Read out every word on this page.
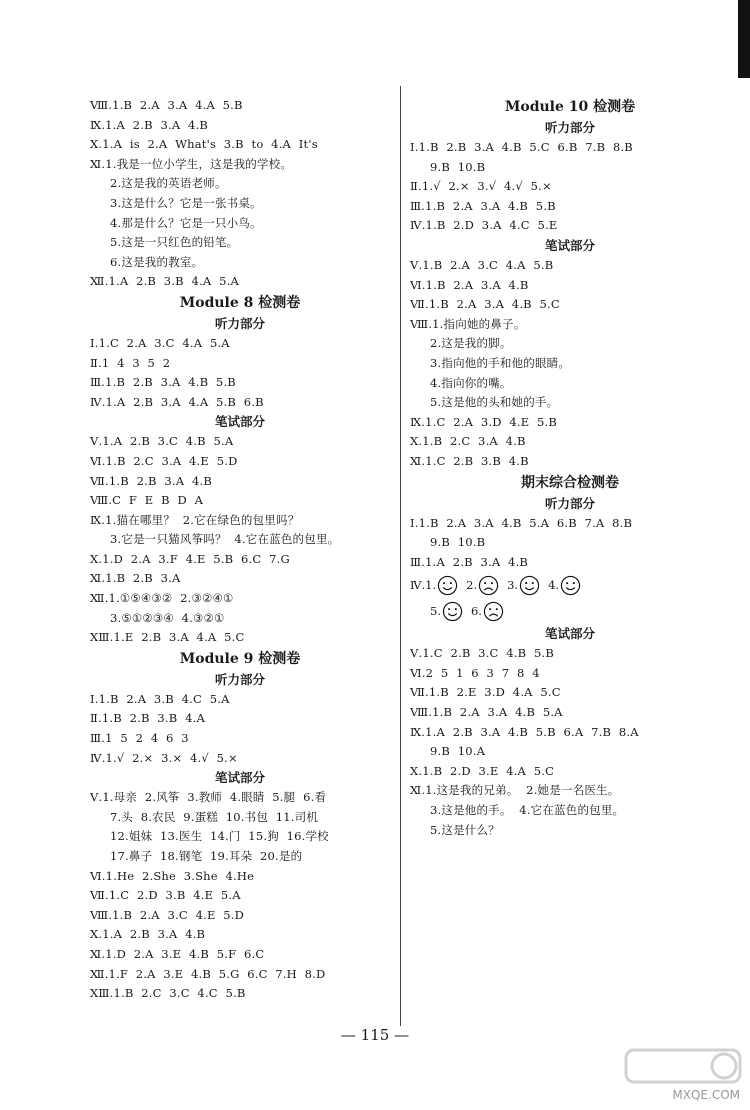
Ⅷ.1.B  2.A  3.A  4.A  5.B
Ⅸ.1.A  2.B  3.A  4.B
Ⅹ.1.A  is  2.A  What's  3.B  to  4.A  It's
Ⅺ.1.我是一位小学生，这是我的学校。
2.这是我的英语老师。
3.这是什么？它是一张书桌。
4.那是什么？它是一只小鸟。
5.这是一只红色的铅笔。
6.这是我的教室。
Ⅻ.1.A  2.B  3.B  4.A  5.A
Module 8 检测卷
听力部分
Ⅰ.1.C  2.A  3.C  4.A  5.A
Ⅱ.1  4  3  5  2
Ⅲ.1.B  2.B  3.A  4.B  5.B
Ⅳ.1.A  2.B  3.A  4.A  5.B  6.B
笔试部分
Ⅴ.1.A  2.B  3.C  4.B  5.A
Ⅵ.1.B  2.C  3.A  4.E  5.D
Ⅶ.1.B  2.B  3.A  4.B
Ⅷ.C  F  E  B  D  A
Ⅸ.1.猫在哪里？  2.它在绿色的包里吗？
3.它是一只猫风筝吗？  4.它在蓝色的包里。
Ⅹ.1.D  2.A  3.F  4.E  5.B  6.C  7.G
Ⅺ.1.B  2.B  3.A
Ⅻ.1.①⑤④③②  2.③②④①
3.⑤①②③④  4.③②①
ⅩⅢ.1.E  2.B  3.A  4.A  5.C
Module 9 检测卷
听力部分
Ⅰ.1.B  2.A  3.B  4.C  5.A
Ⅱ.1.B  2.B  3.B  4.A
Ⅲ.1  5  2  4  6  3
Ⅳ.1.√  2.×  3.×  4.√  5.×
笔试部分
Ⅴ.1.母亲  2.风筝  3.教师  4.眼睛  5.腿  6.看
7.头  8.农民  9.蛋糕  10.书包  11.司机
12.姐妹  13.医生  14.门  15.狗  16.学校
17.鼻子  18.钢笔  19.耳朵  20.是的
Ⅵ.1.He  2.She  3.She  4.He
Ⅶ.1.C  2.D  3.B  4.E  5.A
Ⅷ.1.B  2.A  3.C  4.E  5.D
Ⅹ.1.A  2.B  3.A  4.B
Ⅺ.1.D  2.A  3.E  4.B  5.F  6.C
Ⅻ.1.F  2.A  3.E  4.B  5.G  6.C  7.H  8.D
ⅩⅢ.1.B  2.C  3.C  4.C  5.B
Module 10 检测卷
听力部分
Ⅰ.1.B  2.B  3.A  4.B  5.C  6.B  7.B  8.B
9.B  10.B
Ⅱ.1.√  2.×  3.√  4.√  5.×
Ⅲ.1.B  2.A  3.A  4.B  5.B
Ⅳ.1.B  2.D  3.A  4.C  5.E
笔试部分
Ⅴ.1.B  2.A  3.C  4.A  5.B
Ⅵ.1.B  2.A  3.A  4.B
Ⅶ.1.B  2.A  3.A  4.B  5.C
Ⅷ.1.指向她的鼻子。
2.这是我的脚。
3.指向他的手和他的眼睛。
4.指向你的嘴。
5.这是他的头和她的手。
Ⅸ.1.C  2.A  3.D  4.E  5.B
Ⅹ.1.B  2.C  3.A  4.B
Ⅺ.1.C  2.B  3.B  4.B
期末综合检测卷
听力部分
Ⅰ.1.B  2.A  3.A  4.B  5.A  6.B  7.A  8.B
9.B  10.B
Ⅲ.1.A  2.B  3.A  4.B
Ⅳ.1.	2.	3.	4.
5.	6.
笔试部分
Ⅴ.1.C  2.B  3.C  4.B  5.B
Ⅵ.2  5  1  6  3  7  8  4
Ⅶ.1.B  2.E  3.D  4.A  5.C
Ⅷ.1.B  2.A  3.A  4.B  5.A
Ⅸ.1.A  2.B  3.A  4.B  5.B  6.A  7.B  8.A
9.B  10.A
Ⅹ.1.B  2.D  3.E  4.A  5.C
Ⅺ.1.这是我的兄弟。  2.她是一名医生。
3.这是他的手。  4.它在蓝色的包里。
5.这是什么？
— 115 —
MXQE.COM
